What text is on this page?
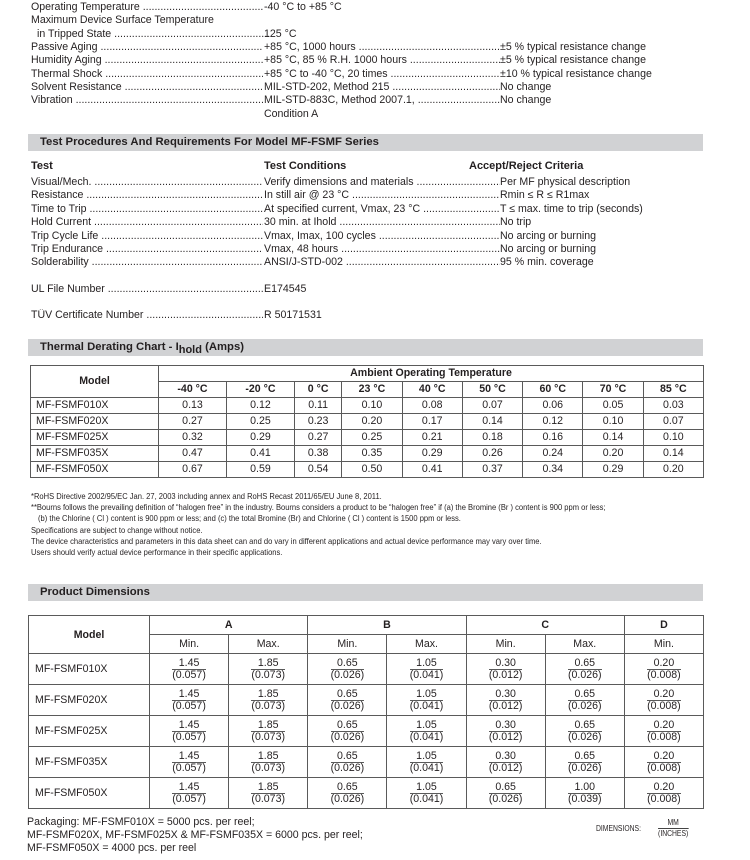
Operating Temperature .....	-40 °C to +85 °C
Maximum Device Surface Temperature
in Tripped State .....	125 °C
Passive Aging .....	+85 °C, 1000 hours .....	±5 % typical resistance change
Humidity Aging .....	+85 °C, 85 % R.H. 1000 hours .....	±5 % typical resistance change
Thermal Shock .....	+85 °C to -40 °C, 20 times .....	±10 % typical resistance change
Solvent Resistance .....	MIL-STD-202, Method 215 .....	No change
Vibration .....	MIL-STD-883C, Method 2007.1, .....	No change
Condition A
Test Procedures And Requirements For Model MF-FSMF Series
Test	Test Conditions	Accept/Reject Criteria
Visual/Mech. .....	Verify dimensions and materials .....	Per MF physical description
Resistance .....	In still air @ 23 °C .....	Rmin ≤ R ≤ R1max
Time to Trip .....	At specified current, Vmax, 23 °C .....	T ≤ max. time to trip (seconds)
Hold Current .....	30 min. at Ihold .....	No trip
Trip Cycle Life .....	Vmax, Imax, 100 cycles .....	No arcing or burning
Trip Endurance .....	Vmax, 48 hours .....	No arcing or burning
Solderability .....	ANSI/J-STD-002 .....	95 % min. coverage
UL File Number .....	E174545
TÜV Certificate Number .....	R 50171531
Thermal Derating Chart - $I_{hold}$ (Amps)
Model	Ambient Operating Temperature								
	-40 °C	-20 °C	0 °C	23 °C	40 °C	50 °C	60 °C	70 °C	85 °C
MF-FSMF010X	0.13	0.12	0.11	0.10	0.08	0.07	0.06	0.05	0.03
MF-FSMF020X	0.27	0.25	0.23	0.20	0.17	0.14	0.12	0.10	0.07
MF-FSMF025X	0.32	0.29	0.27	0.25	0.21	0.18	0.16	0.14	0.10
MF-FSMF035X	0.47	0.41	0.38	0.35	0.29	0.26	0.24	0.20	0.14
MF-FSMF050X	0.67	0.59	0.54	0.50	0.41	0.37	0.34	0.29	0.20
*RoHS Directive 2002/95/EC Jan. 27, 2003 including annex and RoHS Recast 2011/65/EU June 8, 2011.
**Bourns follows the prevailing definition of “halogen free” in the industry. Bourns considers a product to be “halogen free” if (a) the Bromine (Br ) content is 900 ppm or less;
(b) the Chlorine ( Cl ) content is 900 ppm or less; and (c) the total Bromine (Br) and Chlorine ( Cl ) content is 1500 ppm or less.
Specifications are subject to change without notice.
The device characteristics and parameters in this data sheet can and do vary in different applications and actual device performance may vary over time.
Users should verify actual device performance in their specific applications.
Product Dimensions
Model	A		B		C		D
	Min.	Max.	Min.	Max.	Min.	Max.	Min.
MF-FSMF010X	$\frac{1.45}{(0.057)}$	$\frac{1.85}{(0.073)}$	$\frac{0.65}{(0.026)}$	$\frac{1.05}{(0.041)}$	$\frac{0.30}{(0.012)}$	$\frac{0.65}{(0.026)}$	$\frac{0.20}{(0.008)}$

MF-FSMF020X	$\frac{1.45}{(0.057)}$	$\frac{1.85}{(0.073)}$	$\frac{0.65}{(0.026)}$	$\frac{1.05}{(0.041)}$	$\frac{0.30}{(0.012)}$	$\frac{0.65}{(0.026)}$	$\frac{0.20}{(0.008)}$

MF-FSMF025X	$\frac{1.45}{(0.057)}$	$\frac{1.85}{(0.073)}$	$\frac{0.65}{(0.026)}$	$\frac{1.05}{(0.041)}$	$\frac{0.30}{(0.012)}$	$\frac{0.65}{(0.026)}$	$\frac{0.20}{(0.008)}$

MF-FSMF035X	$\frac{1.45}{(0.057)}$	$\frac{1.85}{(0.073)}$	$\frac{0.65}{(0.026)}$	$\frac{1.05}{(0.041)}$	$\frac{0.30}{(0.012)}$	$\frac{0.65}{(0.026)}$	$\frac{0.20}{(0.008)}$

MF-FSMF050X	$\frac{1.45}{(0.057)}$	$\frac{1.85}{(0.073)}$	$\frac{0.65}{(0.026)}$	$\frac{1.05}{(0.041)}$	$\frac{0.65}{(0.026)}$	$\frac{1.00}{(0.039)}$	$\frac{0.20}{(0.008)}$
Packaging: MF-FSMF010X = 5000 pcs. per reel;
MF-FSMF020X, MF-FSMF025X & MF-FSMF035X = 6000 pcs. per reel;
MF-FSMF050X = 4000 pcs. per reel
DIMENSIONS:
MM
(INCHES)
